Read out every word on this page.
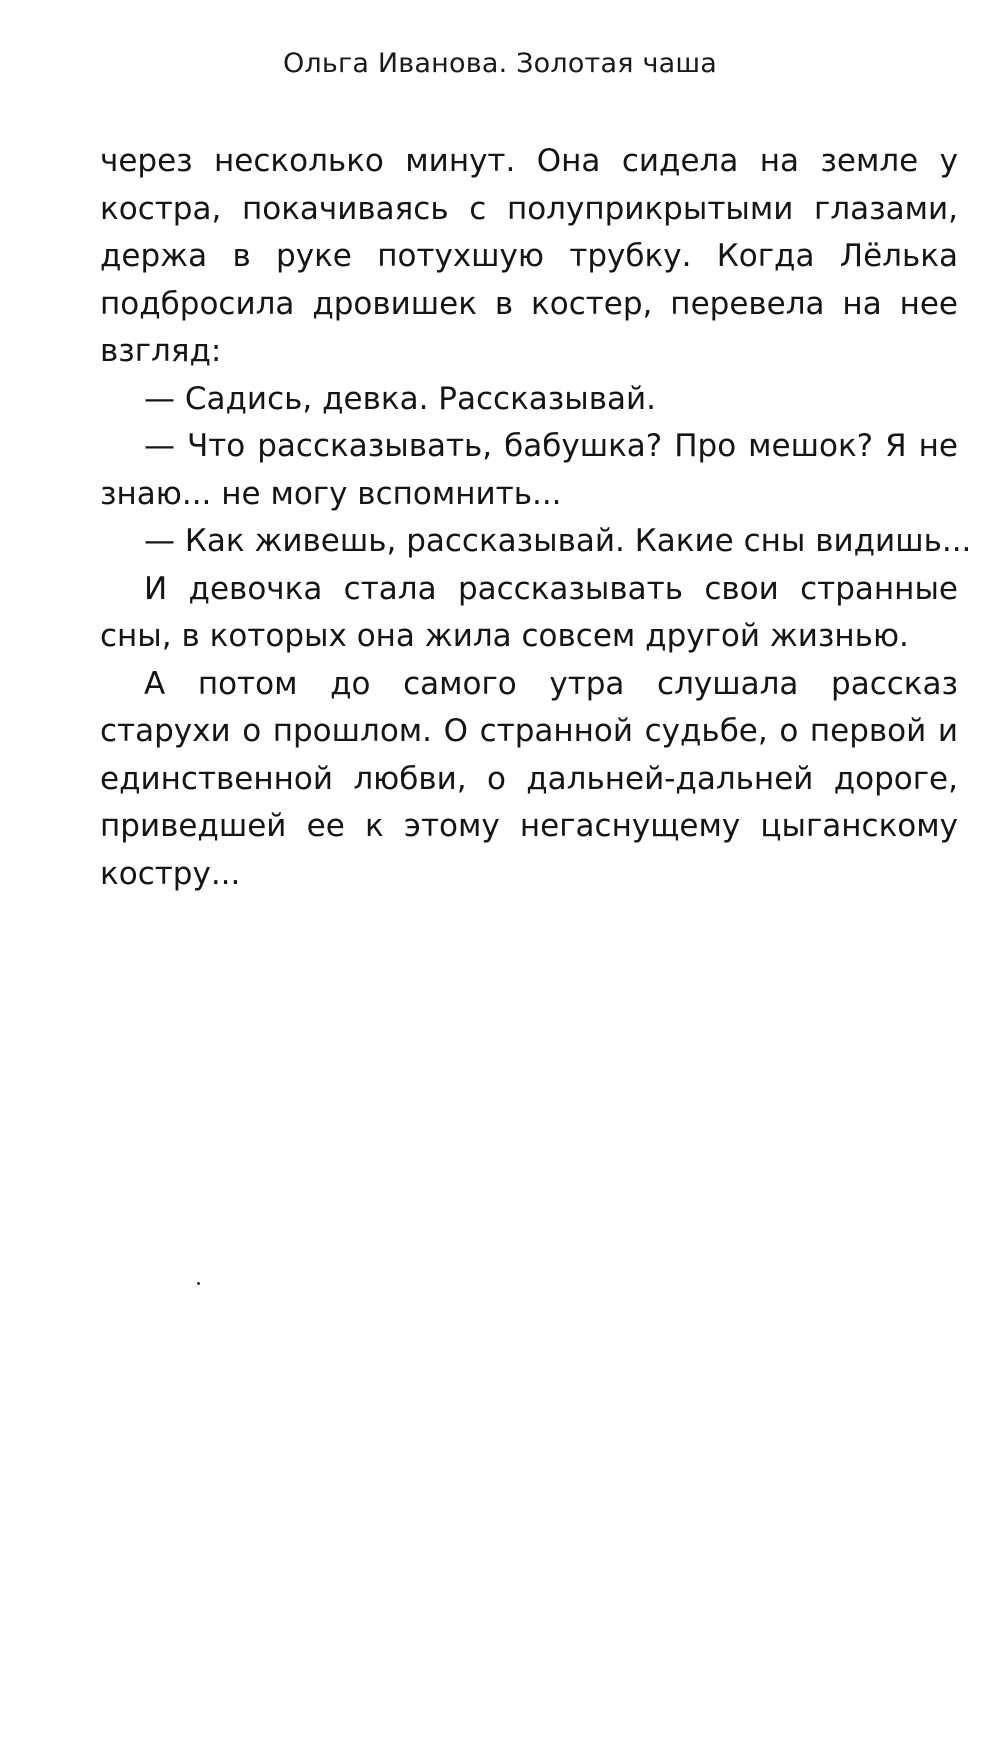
Ольга Иванова. Золотая чаша

через несколько минут. Она сидела на земле у костра, покачиваясь с полуприкрытыми глазами, держа в руке потухшую трубку. Когда Лёлька подбросила дровишек в костер, перевела на нее взгляд:

— Садись, девка. Рассказывай.

— Что рассказывать, бабушка? Про мешок? Я не знаю... не могу вспомнить...

— Как живешь, рассказывай. Какие сны видишь...

И девочка стала рассказывать свои странные сны, в которых она жила совсем другой жизнью.

А потом до самого утра слушала рассказ старухи о прошлом. О странной судьбе, о первой и единственной любви, о дальней-дальней дороге, приведшей ее к этому негаснущему цыганскому костру...
